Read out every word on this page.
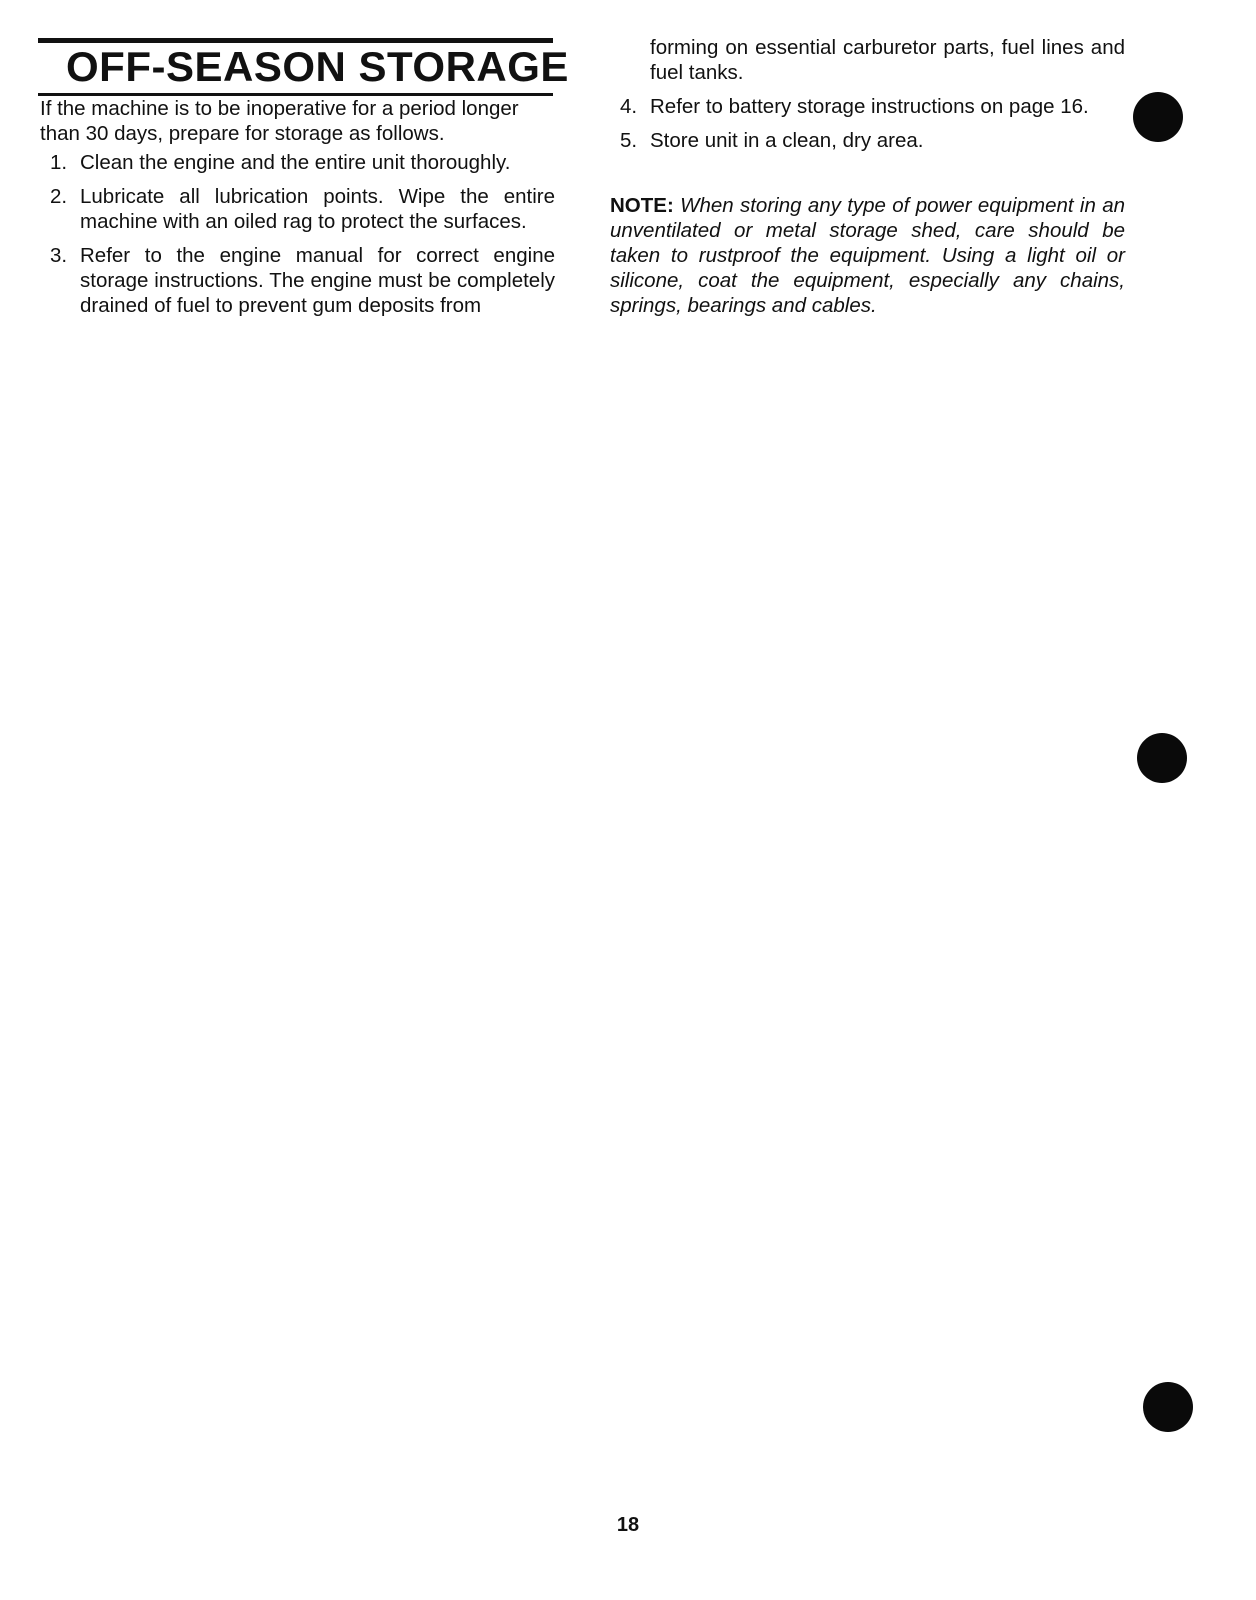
OFF-SEASON STORAGE

If the machine is to be inoperative for a period longer than 30 days, prepare for storage as follows.

1. Clean the engine and the entire unit thoroughly.
2. Lubricate all lubrication points. Wipe the entire machine with an oiled rag to protect the surfaces.
3. Refer to the engine manual for correct engine storage instructions. The engine must be completely drained of fuel to prevent gum deposits from

forming on essential carburetor parts, fuel lines and fuel tanks.

4. Refer to battery storage instructions on page 16.
5. Store unit in a clean, dry area.

NOTE: When storing any type of power equipment in an unventilated or metal storage shed, care should be taken to rustproof the equipment. Using a light oil or silicone, coat the equipment, especially any chains, springs, bearings and cables.

18
